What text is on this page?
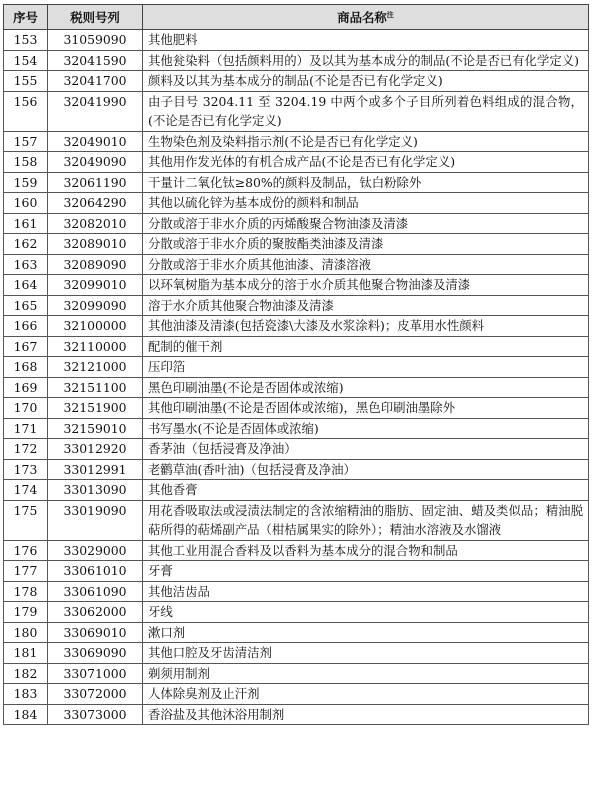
序号	税则号列	商品名称$^注$
153	31059090	其他肥料
154	32041590	其他瓮染料（包括颜料用的）及以其为基本成分的制品(不论是否已有化学定义)
155	32041700	颜料及以其为基本成分的制品(不论是否已有化学定义)
156	32041990	由子目号 3204.11 至 3204.19 中两个或多个子目所列着色料组成的混合物，(不论是否已有化学定义)
157	32049010	生物染色剂及染料指示剂(不论是否已有化学定义)
158	32049090	其他用作发光体的有机合成产品(不论是否已有化学定义)
159	32061190	干量计二氧化钛≥80%的颜料及制品，钛白粉除外
160	32064290	其他以硫化锌为基本成份的颜料和制品
161	32082010	分散或溶于非水介质的丙烯酸聚合物油漆及清漆
162	32089010	分散或溶于非水介质的聚胺酯类油漆及清漆
163	32089090	分散或溶于非水介质其他油漆、清漆溶液
164	32099010	以环氧树脂为基本成分的溶于水介质其他聚合物油漆及清漆
165	32099090	溶于水介质其他聚合物油漆及清漆
166	32100000	其他油漆及清漆(包括瓷漆\大漆及水浆涂料)；皮革用水性颜料
167	32110000	配制的催干剂
168	32121000	压印箔
169	32151100	黑色印刷油墨(不论是否固体或浓缩)
170	32151900	其他印刷油墨(不论是否固体或浓缩)，黑色印刷油墨除外
171	32159010	书写墨水(不论是否固体或浓缩)
172	33012920	香茅油（包括浸膏及净油）
173	33012991	老鹳草油(香叶油)（包括浸膏及净油）
174	33013090	其他香膏
175	33019090	用花香吸取法或浸渍法制定的含浓缩精油的脂肪、固定油、蜡及类似品；精油脱萜所得的萜烯副产品（柑桔属果实的除外）；精油水溶液及水馏液
176	33029000	其他工业用混合香料及以香料为基本成分的混合物和制品
177	33061010	牙膏
178	33061090	其他洁齿品
179	33062000	牙线
180	33069010	漱口剂
181	33069090	其他口腔及牙齿清洁剂
182	33071000	剃须用制剂
183	33072000	人体除臭剂及止汗剂
184	33073000	香浴盐及其他沐浴用制剂
